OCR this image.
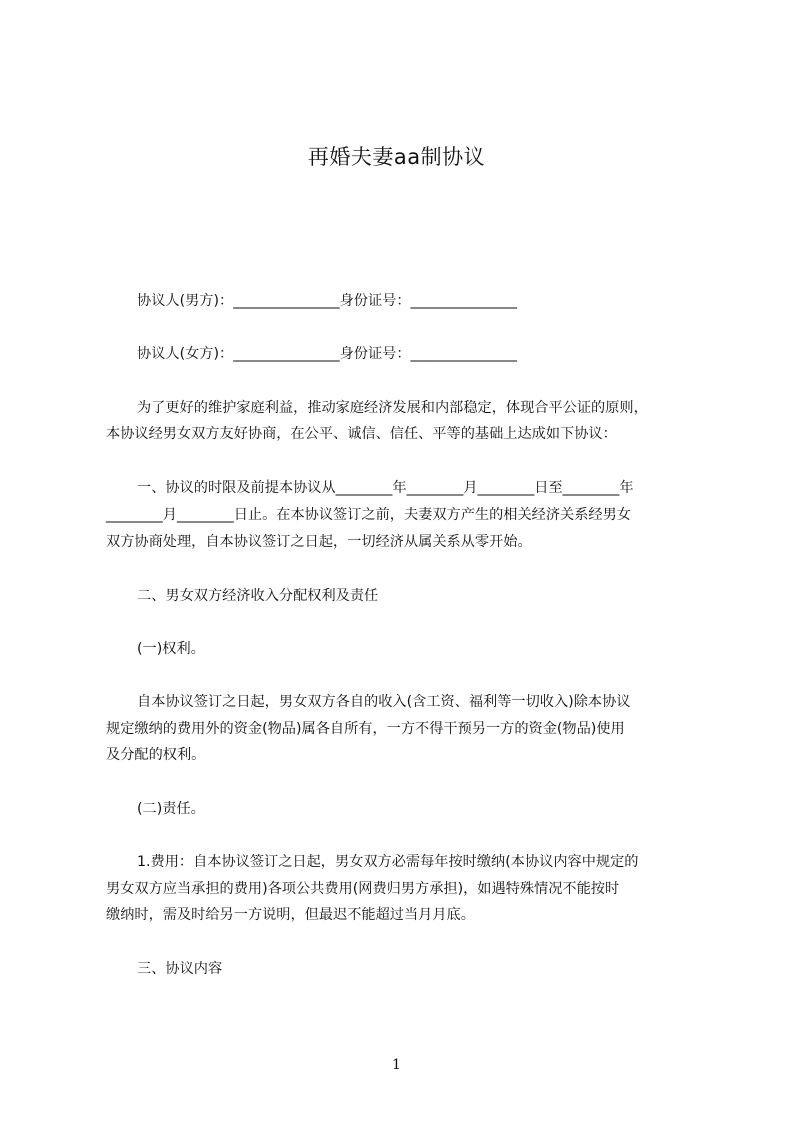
再婚夫妻aa制协议
协议人(男方)：_______________身份证号：_______________
协议人(女方)：_______________身份证号：_______________
为了更好的维护家庭利益，推动家庭经济发展和内部稳定，体现合平公证的原则，
本协议经男女双方友好协商，在公平、诚信、信任、平等的基础上达成如下协议：
一、协议的时限及前提本协议从________年________月________日至________年
________月________日止。在本协议签订之前，夫妻双方产生的相关经济关系经男女
双方协商处理，自本协议签订之日起，一切经济从属关系从零开始。
二、男女双方经济收入分配权利及责任
(一)权利。
自本协议签订之日起，男女双方各自的收入(含工资、福利等一切收入)除本协议
规定缴纳的费用外的资金(物品)属各自所有，一方不得干预另一方的资金(物品)使用
及分配的权利。
(二)责任。
1.费用：自本协议签订之日起，男女双方必需每年按时缴纳(本协议内容中规定的
男女双方应当承担的费用)各项公共费用(网费归男方承担)，如遇特殊情况不能按时
缴纳时，需及时给另一方说明，但最迟不能超过当月月底。
三、协议内容
1
